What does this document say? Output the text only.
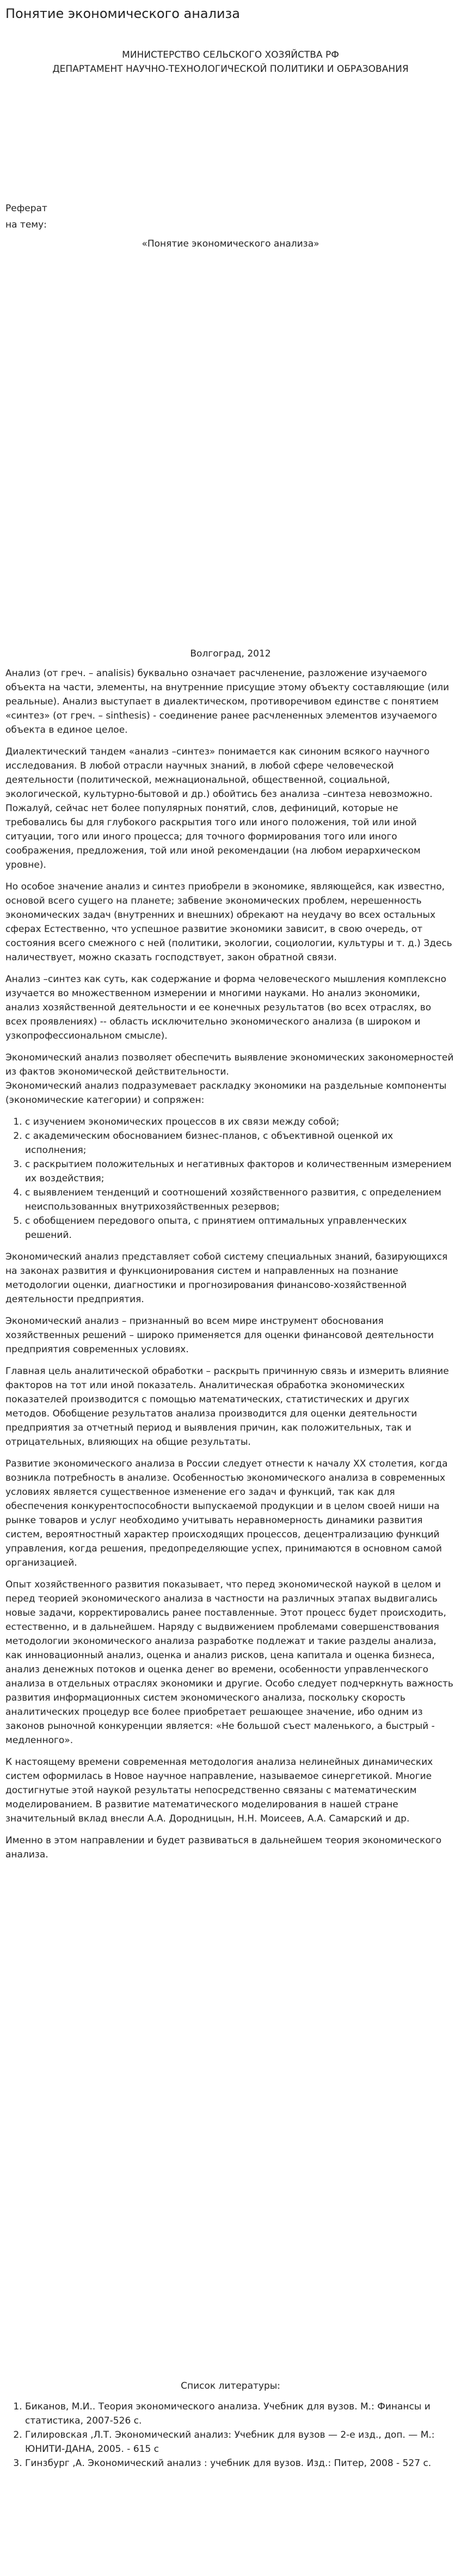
Понятие экономического анализа

МИНИСТЕРСТВО СЕЛЬСКОГО ХОЗЯЙСТВА РФ

ДЕПАРТАМЕНТ НАУЧНО-ТЕХНОЛОГИЧЕСКОЙ ПОЛИТИКИ И ОБРАЗОВАНИЯ

Реферат

на тему:

«Понятие экономического анализа»

Волгоград, 2012

Анализ (от греч. – analisis) буквально означает расчленение, разложение изучаемого объекта на части, элементы, на внутренние присущие этому объекту составляющие (или реальные). Анализ выступает в диалектическом, противоречивом единстве с понятием «синтез» (от греч. – sinthesis) - соединение ранее расчлененных элементов изучаемого объекта в единое целое.

Диалектический тандем «анализ –синтез» понимается как синоним всякого научного исследования. В любой отрасли научных знаний, в любой сфере человеческой деятельности (политической, межнациональной, общественной, социальной, экологической, культурно-бытовой и др.) обойтись без анализа –синтеза невозможно. Пожалуй, сейчас нет более популярных понятий, слов, дефиниций, которые не требовались бы для глубокого раскрытия того или иного положения, той или иной ситуации, того или иного процесса; для точного формирования того или иного соображения, предложения, той или иной рекомендации (на любом иерархическом уровне).

Но особое значение анализ и синтез приобрели в экономике, являющейся, как известно, основой всего сущего на планете; забвение экономических проблем, нерешенность экономических задач (внутренних и внешних) обрекают на неудачу во всех остальных сферах Естественно, что успешное развитие экономики зависит, в свою очередь, от состояния всего смежного с ней (политики, экологии, социологии, культуры и т. д.) Здесь наличествует, можно сказать господствует, закон обратной связи.

Анализ –синтез как суть, как содержание и форма человеческого мышления комплексно изучается во множественном измерении и многими науками. Но анализ экономики, анализ хозяйственной деятельности и ее конечных результатов (во всех отраслях, во всех проявлениях) -- область исключительно экономического анализа (в широком и узкопрофессиональном смысле).

Экономический анализ позволяет обеспечить выявление экономических закономерностей из фактов экономической действительности.

Экономический анализ подразумевает раскладку экономики на раздельные компоненты (экономические категории) и сопряжен:

1. с изучением экономических процессов в их связи между собой;
2. с академическим обоснованием бизнес-планов, с объективной оценкой их исполнения;
3. с раскрытием положительных и негативных факторов и количественным измерением их воздействия;
4. с выявлением тенденций и соотношений хозяйственного развития, с определением неиспользованных внутрихозяйственных резервов;
5. с обобщением передового опыта, с принятием оптимальных управленческих решений.

Экономический анализ представляет собой систему специальных знаний, базирующихся на законах развития и функционирования систем и направленных на познание методологии оценки, диагностики и прогнозирования финансово-хозяйственной деятельности предприятия.

Экономический анализ – признанный во всем мире инструмент обоснования хозяйственных решений – широко применяется для оценки финансовой деятельности предприятия современных условиях.

Главная цель аналитической обработки – раскрыть причинную связь и измерить влияние факторов на тот или иной показатель. Аналитическая обработка экономических показателей производится с помощью математических, статистических и других методов. Обобщение результатов анализа производится для оценки деятельности предприятия за отчетный период и выявления причин, как положительных, так и отрицательных, влияющих на общие результаты.

Развитие экономического анализа в России следует отнести к началу XX столетия, когда возникла потребность в анализе. Особенностью экономического анализа в современных условиях является существенное изменение его задач и функций, так как для обеспечения конкурентоспособности выпускаемой продукции и в целом своей ниши на рынке товаров и услуг необходимо учитывать неравномерность динамики развития систем, вероятностный характер происходящих процессов, децентрализацию функций управления, когда решения, предопределяющие успех, принимаются в основном самой организацией.

Опыт хозяйственного развития показывает, что перед экономической наукой в целом и перед теорией экономического анализа в частности на различных этапах выдвигались новые задачи, корректировались ранее поставленные. Этот процесс будет происходить, естественно, и в дальнейшем. Наряду с выдвижением проблемами совершенствования методологии экономического анализа разработке подлежат и такие разделы анализа, как инновационный анализ, оценка и анализ рисков, цена капитала и оценка бизнеса, анализ денежных потоков и оценка денег во времени, особенности управленческого анализа в отдельных отраслях экономики и другие. Особо следует подчеркнуть важность развития информационных систем экономического анализа, поскольку скорость аналитических процедур все более приобретает решающее значение, ибо одним из законов рыночной конкуренции является: «Не большой съест маленького, а быстрый - медленного».

К настоящему времени современная методология анализа нелинейных динамических систем оформилась в Новое научное направление, называемое синергетикой. Многие достигнутые этой наукой результаты непосредственно связаны с математическим моделированием. В развитие математического моделирования в нашей стране значительный вклад внесли А.А. Дородницын, Н.Н. Моисеев, А.А. Самарский и др.

Именно в этом направлении и будет развиваться в дальнейшем теория экономического анализа.

Список литературы:

1. Бикaнoв, М.И.. Теория экономического анализа. Учебник для вузов. М.: Финансы и статистика, 2007-526 с.
2. Гилировская ,Л.Т. Экономический анализ: Учебник для вузов — 2-е изд., доп. — М.: ЮНИТИ-ДАНА, 2005. - 615 с
3. Гинзбург ,А. Экономический анализ : учебник для вузов. Изд.: Питер, 2008 - 527 с.
